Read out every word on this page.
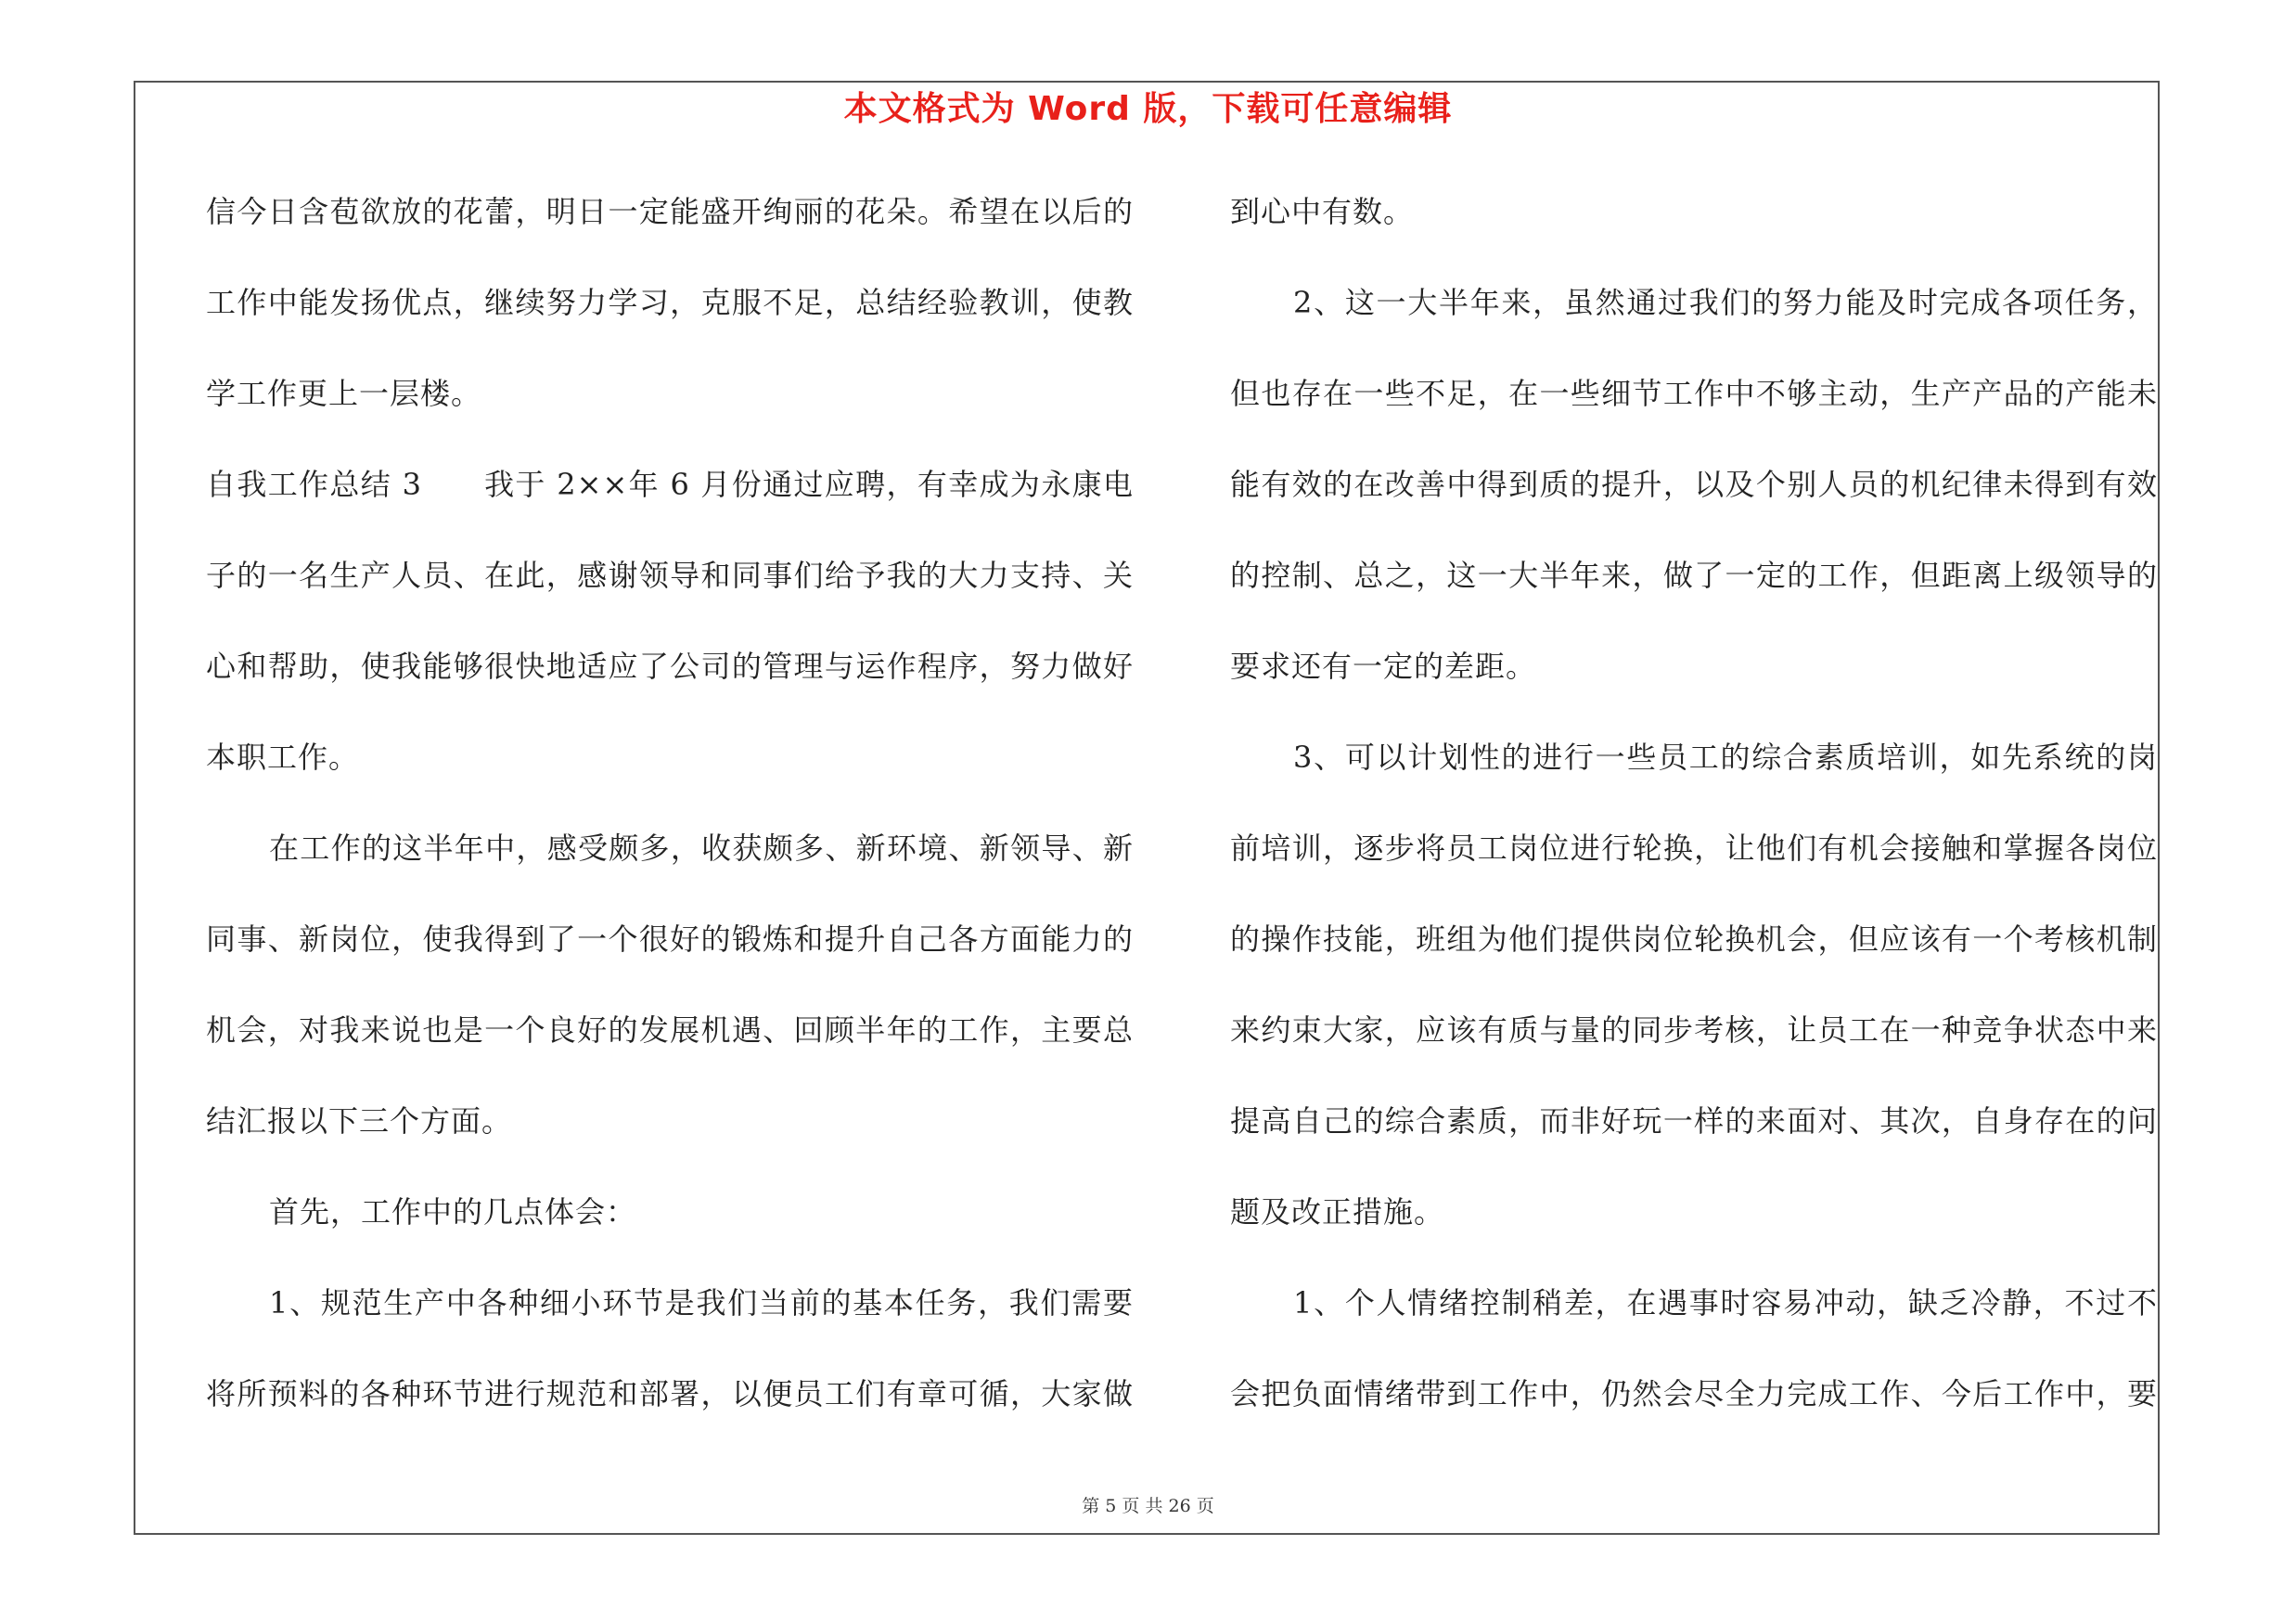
本文格式为 Word 版，下载可任意编辑
信今日含苞欲放的花蕾，明日一定能盛开绚丽的花朵。希望在以后的
工作中能发扬优点，继续努力学习，克服不足，总结经验教训，使教
学工作更上一层楼。
自我工作总结 3　　我于 2××年 6 月份通过应聘，有幸成为永康电
子的一名生产人员、在此，感谢领导和同事们给予我的大力支持、关
心和帮助，使我能够很快地适应了公司的管理与运作程序，努力做好
本职工作。
在工作的这半年中，感受颇多，收获颇多、新环境、新领导、新
同事、新岗位，使我得到了一个很好的锻炼和提升自己各方面能力的
机会，对我来说也是一个良好的发展机遇、回顾半年的工作，主要总
结汇报以下三个方面。
首先，工作中的几点体会：
1、规范生产中各种细小环节是我们当前的基本任务，我们需要
将所预料的各种环节进行规范和部署，以便员工们有章可循，大家做
到心中有数。
2、这一大半年来，虽然通过我们的努力能及时完成各项任务，
但也存在一些不足，在一些细节工作中不够主动，生产产品的产能未
能有效的在改善中得到质的提升，以及个别人员的机纪律未得到有效
的控制、总之，这一大半年来，做了一定的工作，但距离上级领导的
要求还有一定的差距。
3、可以计划性的进行一些员工的综合素质培训，如先系统的岗
前培训，逐步将员工岗位进行轮换，让他们有机会接触和掌握各岗位
的操作技能，班组为他们提供岗位轮换机会，但应该有一个考核机制
来约束大家，应该有质与量的同步考核，让员工在一种竞争状态中来
提高自己的综合素质，而非好玩一样的来面对、其次，自身存在的问
题及改正措施。
1、个人情绪控制稍差，在遇事时容易冲动，缺乏冷静，不过不
会把负面情绪带到工作中，仍然会尽全力完成工作、今后工作中，要
第 5 页 共 26 页
